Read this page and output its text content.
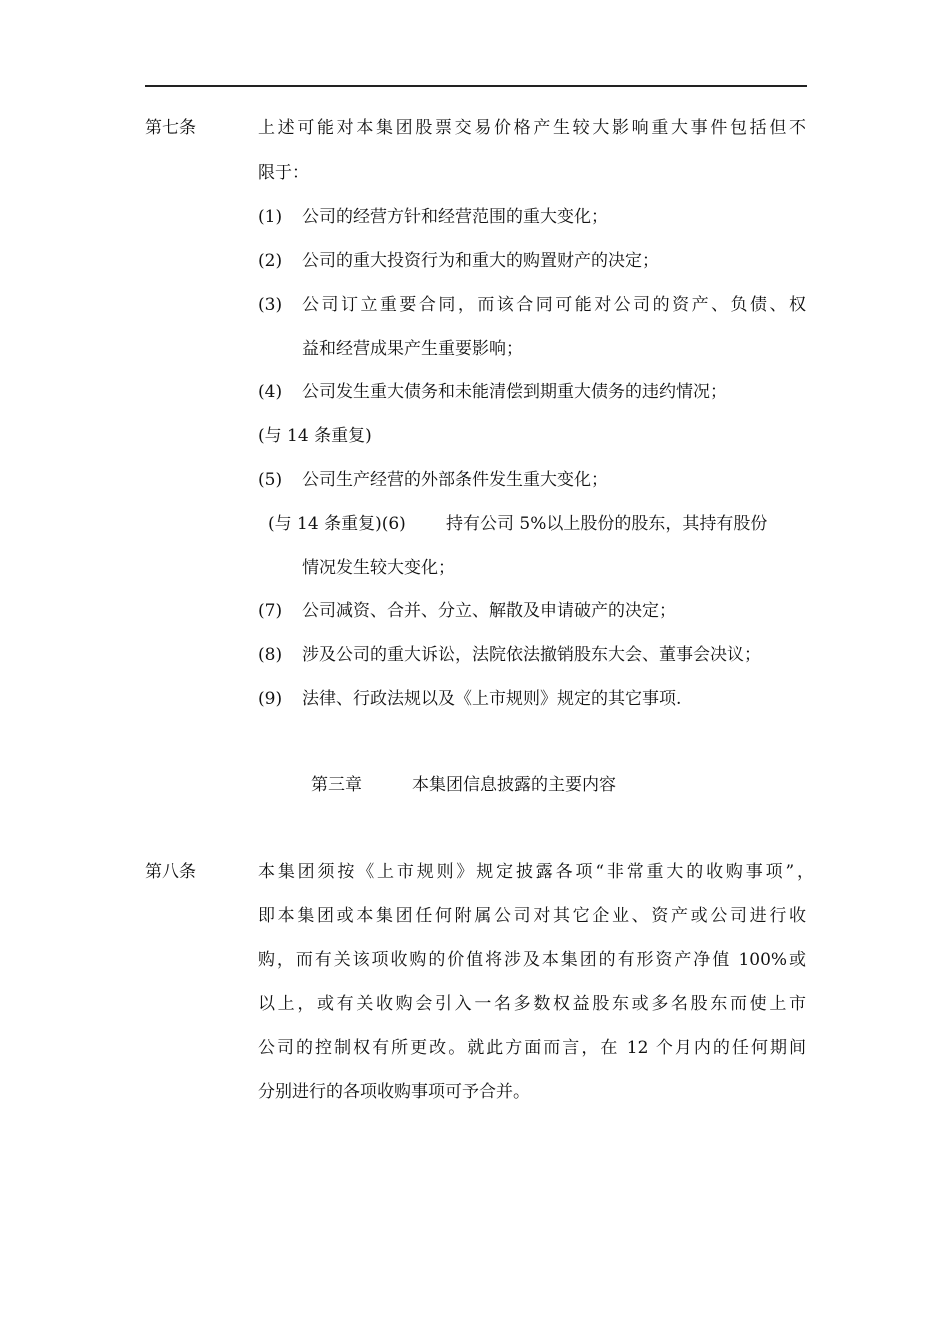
第七条	上述可能对本集团股票交易价格产生较大影响重大事件包括但不
限于：
(1) 公司的经营方针和经营范围的重大变化；
(2) 公司的重大投资行为和重大的购置财产的决定；
(3) 公司订立重要合同，而该合同可能对公司的资产、负债、权
益和经营成果产生重要影响；
(4) 公司发生重大债务和未能清偿到期重大债务的违约情况；
(与 14 条重复)
(5) 公司生产经营的外部条件发生重大变化；
(与 14 条重复)(6) 持有公司 5%以上股份的股东，其持有股份
情况发生较大变化；
(7) 公司减资、合并、分立、解散及申请破产的决定；
(8) 涉及公司的重大诉讼，法院依法撤销股东大会、董事会决议；
(9) 法律、行政法规以及《上市规则》规定的其它事项.
第三章	本集团信息披露的主要内容
第八条	本集团须按《上市规则》规定披露各项“非常重大的收购事项”，
即本集团或本集团任何附属公司对其它企业、资产或公司进行收
购，而有关该项收购的价值将涉及本集团的有形资产净值 100%或
以上，或有关收购会引入一名多数权益股东或多名股东而使上市
公司的控制权有所更改。就此方面而言，在 12 个月内的任何期间
分别进行的各项收购事项可予合并。
